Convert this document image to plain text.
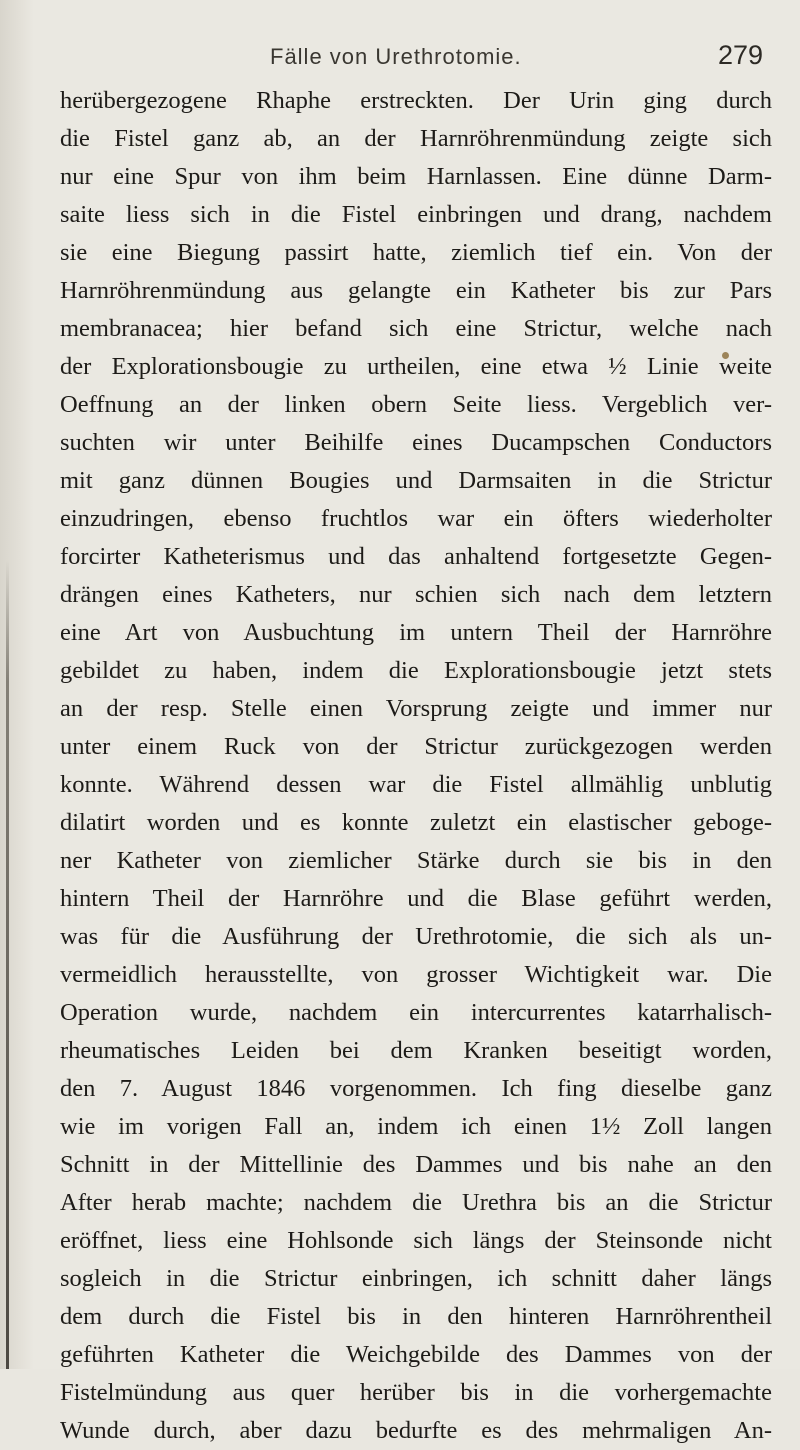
Fälle von Urethrotomie.	279
herübergezogene Rhaphe erstreckten. Der Urin ging durch
die Fistel ganz ab, an der Harnröhrenmündung zeigte sich
nur eine Spur von ihm beim Harnlassen. Eine dünne Darm-
saite liess sich in die Fistel einbringen und drang, nachdem
sie eine Biegung passirt hatte, ziemlich tief ein. Von der
Harnröhrenmündung aus gelangte ein Katheter bis zur Pars
membranacea; hier befand sich eine Strictur, welche nach
der Explorationsbougie zu urtheilen, eine etwa ½ Linie weite
Oeffnung an der linken obern Seite liess. Vergeblich ver-
suchten wir unter Beihilfe eines Ducampschen Conductors
mit ganz dünnen Bougies und Darmsaiten in die Strictur
einzudringen, ebenso fruchtlos war ein öfters wiederholter
forcirter Katheterismus und das anhaltend fortgesetzte Gegen-
drängen eines Katheters, nur schien sich nach dem letztern
eine Art von Ausbuchtung im untern Theil der Harnröhre
gebildet zu haben, indem die Explorationsbougie jetzt stets
an der resp. Stelle einen Vorsprung zeigte und immer nur
unter einem Ruck von der Strictur zurückgezogen werden
konnte. Während dessen war die Fistel allmählig unblutig
dilatirt worden und es konnte zuletzt ein elastischer geboge-
ner Katheter von ziemlicher Stärke durch sie bis in den
hintern Theil der Harnröhre und die Blase geführt werden,
was für die Ausführung der Urethrotomie, die sich als un-
vermeidlich herausstellte, von grosser Wichtigkeit war. Die
Operation wurde, nachdem ein intercurrentes katarrhalisch-
rheumatisches Leiden bei dem Kranken beseitigt worden,
den 7. August 1846 vorgenommen. Ich fing dieselbe ganz
wie im vorigen Fall an, indem ich einen 1½ Zoll langen
Schnitt in der Mittellinie des Dammes und bis nahe an den
After herab machte; nachdem die Urethra bis an die Strictur
eröffnet, liess eine Hohlsonde sich längs der Steinsonde nicht
sogleich in die Strictur einbringen, ich schnitt daher längs
dem durch die Fistel bis in den hinteren Harnröhrentheil
geführten Katheter die Weichgebilde des Dammes von der
Fistelmündung aus quer herüber bis in die vorhergemachte
Wunde durch, aber dazu bedurfte es des mehrmaligen An-
